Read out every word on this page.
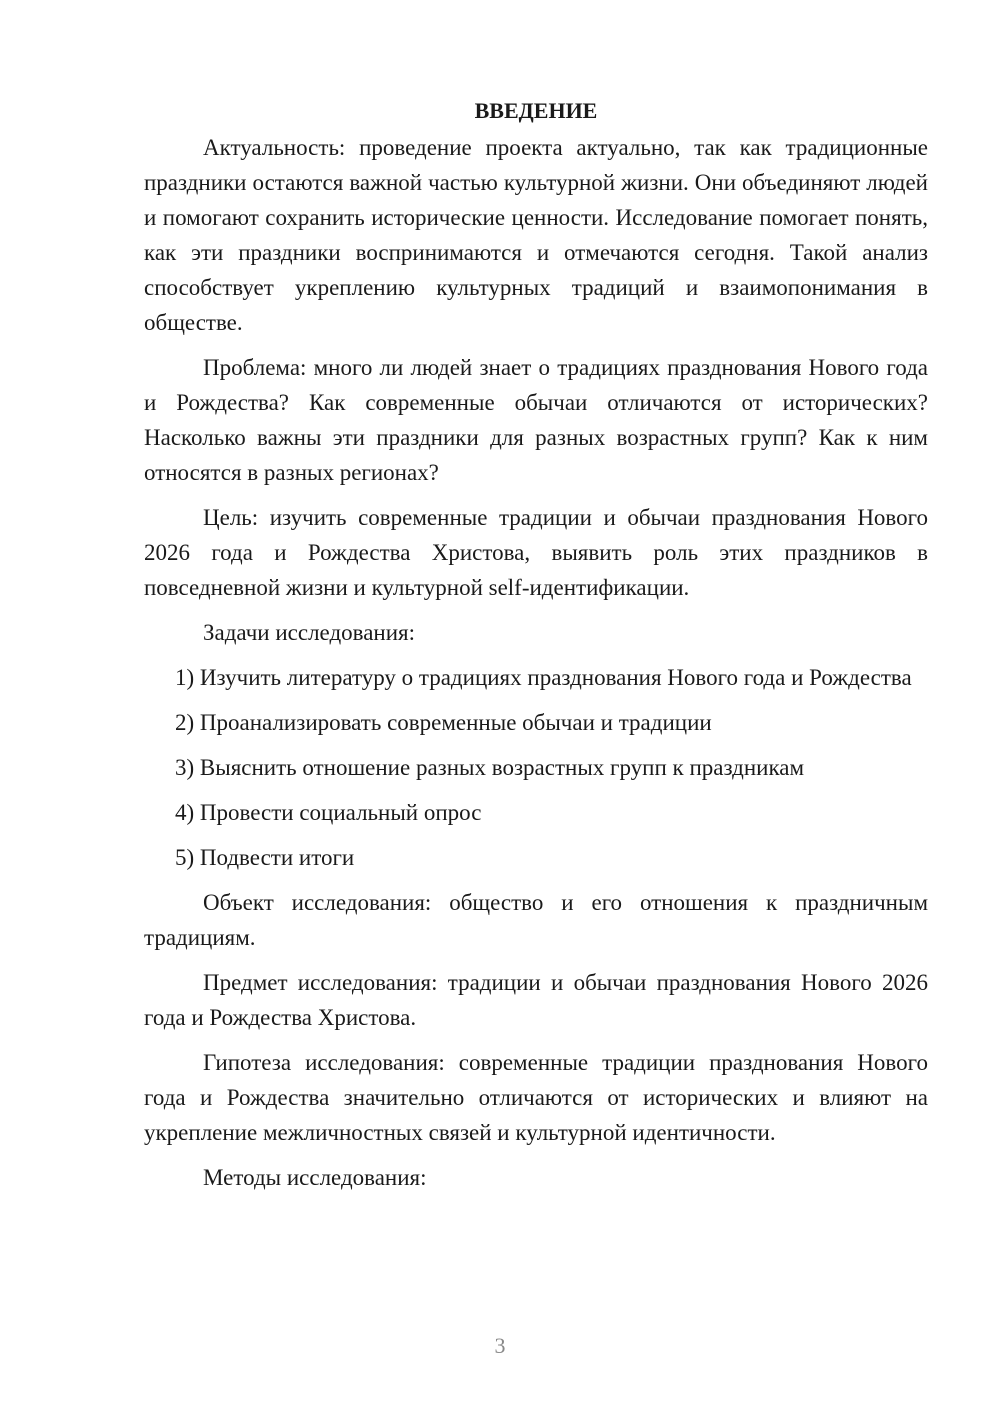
ВВЕДЕНИЕ

Актуальность: проведение проекта актуально, так как традиционные праздники остаются важной частью культурной жизни. Они объединяют людей и помогают сохранить исторические ценности. Исследование помогает понять, как эти праздники воспринимаются и отмечаются сегодня. Такой анализ способствует укреплению культурных традиций и взаимопонимания в обществе.

Проблема: много ли людей знает о традициях празднования Нового года и Рождества? Как современные обычаи отличаются от исторических? Насколько важны эти праздники для разных возрастных групп? Как к ним относятся в разных регионах?

Цель: изучить современные традиции и обычаи празднования Нового 2026 года и Рождества Христова, выявить роль этих праздников в повседневной жизни и культурной self-идентификации.

Задачи исследования:

1) Изучить литературу о традициях празднования Нового года и Рождества

2) Проанализировать современные обычаи и традиции

3) Выяснить отношение разных возрастных групп к праздникам

4) Провести социальный опрос

5) Подвести итоги

Объект исследования: общество и его отношения к праздничным традициям.

Предмет исследования: традиции и обычаи празднования Нового 2026 года и Рождества Христова.

Гипотеза исследования: современные традиции празднования Нового года и Рождества значительно отличаются от исторических и влияют на укрепление межличностных связей и культурной идентичности.

Методы исследования:

3
